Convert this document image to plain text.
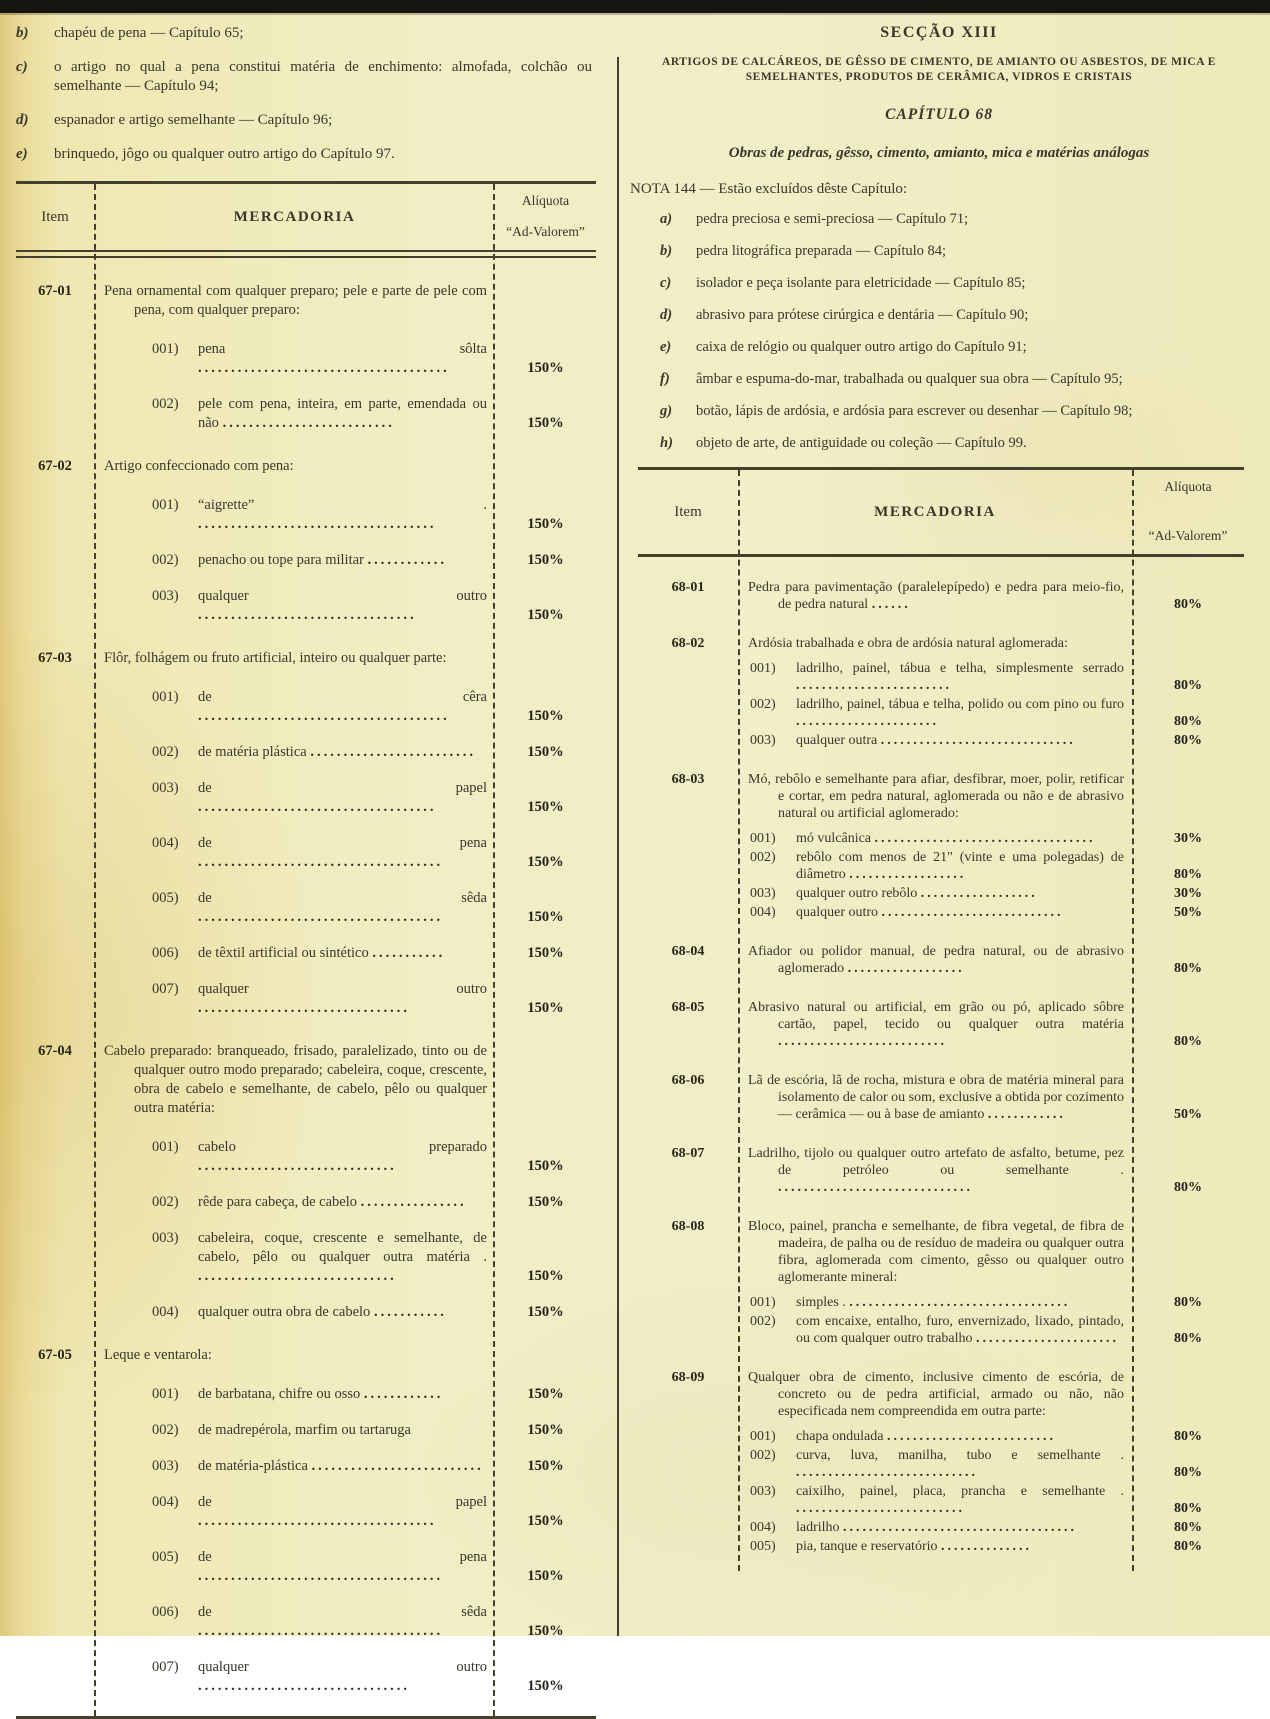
b)	chapéu de pena — Capítulo 65;
c)	o artigo no qual a pena constitui matéria de enchimento: almofada, colchão ou semelhante — Capítulo 94;
d)	espanador e artigo semelhante — Capítulo 96;
e)	brinquedo, jôgo ou qualquer outro artigo do Capítulo 97.
Item	MERCADORIA
Alíquota
“Ad-Valorem”
67-01	Pena ornamental com qualquer preparo; pele e parte de pele com pena, com qualquer preparo:
001)	pena sôlta ......................................	150%
002)	pele com pena, inteira, em parte, emendada ou não ..........................	150%
67-02	Artigo confeccionado com pena:
001)	“aigrette” . ....................................	150%
002)	penacho ou tope para militar ............	150%
003)	qualquer outro .................................	150%
67-03	Flôr, folhágem ou fruto artificial, inteiro ou qualquer parte:
001)	de cêra ......................................	150%
002)	de matéria plástica .........................	150%
003)	de papel ....................................	150%
004)	de pena .....................................	150%
005)	de sêda .....................................	150%
006)	de têxtil artificial ou sintético ...........	150%
007)	qualquer outro ................................	150%
67-04	Cabelo preparado: branqueado, frisado, paralelizado, tinto ou de qualquer outro modo preparado; cabeleira, coque, crescente, obra de cabelo e semelhante, de cabelo, pêlo ou qualquer outra matéria:
001)	cabelo preparado ..............................	150%
002)	rêde para cabeça, de cabelo ................	150%
003)	cabeleira, coque, crescente e semelhante, de cabelo, pêlo ou qualquer outra matéria . ..............................	150%
004)	qualquer outra obra de cabelo ...........	150%
67-05	Leque e ventarola:
001)	de barbatana, chifre ou osso ............	150%
002)	de madrepérola, marfim ou tartaruga	150%
003)	de matéria-plástica ..........................	150%
004)	de papel ....................................	150%
005)	de pena .....................................	150%
006)	de sêda .....................................	150%
007)	qualquer outro ................................	150%
SECÇÃO XIII
ARTIGOS DE CALCÁREOS, DE GÊSSO DE CIMENTO, DE AMIANTO OU ASBESTOS, DE MICA E SEMELHANTES, PRODUTOS DE CERÂMICA, VIDROS E CRISTAIS
CAPÍTULO 68
Obras de pedras, gêsso, cimento, amianto, mica e matérias análogas
NOTA 144 — Estão excluídos dêste Capítulo:
a)	pedra preciosa e semi-preciosa — Capítulo 71;
b)	pedra litográfica preparada — Capítulo 84;
c)	isolador e peça isolante para eletricidade — Capítulo 85;
d)	abrasivo para prótese cirúrgica e dentária — Capítulo 90;
e)	caixa de relógio ou qualquer outro artigo do Capítulo 91;
f)	âmbar e espuma-do-mar, trabalhada ou qualquer sua obra — Capítulo 95;
g)	botão, lápis de ardósia, e ardósia para escrever ou desenhar — Capítulo 98;
h)	objeto de arte, de antiguidade ou coleção — Capítulo 99.
Item	MERCADORIA
Alíquota
“Ad-Valorem”
68-01	Pedra para pavimentação (paralelepípedo) e pedra para meio-fio, de pedra natural ......	80%
68-02	Ardósia trabalhada e obra de ardósia natural aglomerada:
001)	ladrilho, painel, tábua e telha, simplesmente serrado ........................	80%
002)	ladrilho, painel, tábua e telha, polido ou com pino ou furo ......................	80%
003)	qualquer outra ..............................	80%
68-03	Mó, rebôlo e semelhante para afiar, desfibrar, moer, polir, retificar e cortar, em pedra natural, aglomerada ou não e de abrasivo natural ou artificial aglomerado:
001)	mó vulcânica ..................................	30%
002)	rebôlo com menos de 21" (vinte e uma polegadas) de diâmetro ..................	80%
003)	qualquer outro rebôlo ..................	30%
004)	qualquer outro ............................	50%
68-04	Afiador ou polidor manual, de pedra natural, ou de abrasivo aglomerado ..................	80%
68-05	Abrasivo natural ou artificial, em grão ou pó, aplicado sôbre cartão, papel, tecido ou qualquer outra matéria ..........................	80%
68-06	Lã de escória, lã de rocha, mistura e obra de matéria mineral para isolamento de calor ou som, exclusive a obtida por cozimento — cerâmica — ou à base de amianto ............	50%
68-07	Ladrilho, tijolo ou qualquer outro artefato de asfalto, betume, pez de petróleo ou semelhante . ..............................	80%
68-08	Bloco, painel, prancha e semelhante, de fibra vegetal, de fibra de madeira, de palha ou de resíduo de madeira ou qualquer outra fibra, aglomerada com cimento, gêsso ou qualquer outro aglomerante mineral:
001)	simples . ..................................	80%
002)	com encaixe, entalho, furo, envernizado, lixado, pintado, ou com qualquer outro trabalho ......................	80%
68-09	Qualquer obra de cimento, inclusive cimento de escória, de concreto ou de pedra artificial, armado ou não, não especificada nem compreendida em outra parte:
001)	chapa ondulada ..........................	80%
002)	curva, luva, manilha, tubo e semelhante . ............................	80%
003)	caixilho, painel, placa, prancha e semelhante . ..........................	80%
004)	ladrilho ....................................	80%
005)	pia, tanque e reservatório ..............	80%
